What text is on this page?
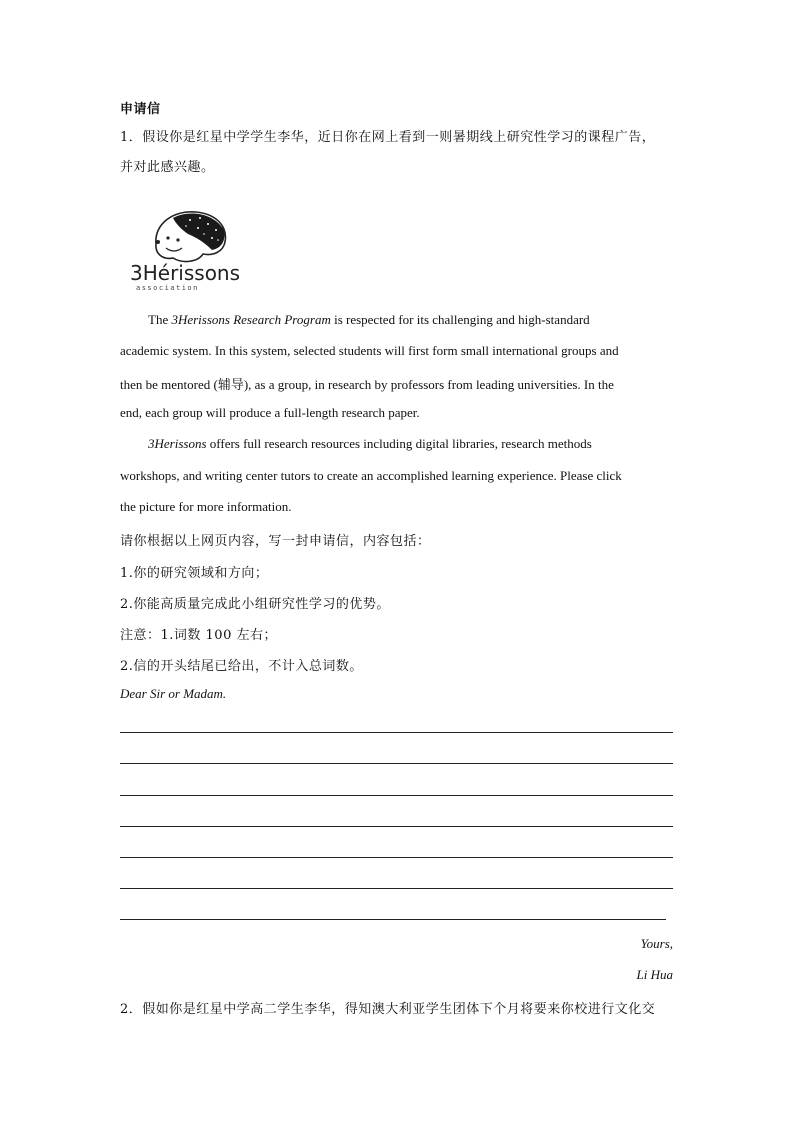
申请信
1．假设你是红星中学学生李华，近日你在网上看到一则暑期线上研究性学习的课程广告，
并对此感兴趣。
3Hérissons
association
The 3Herissons Research Program is respected for its challenging and high-standard
academic system. In this system, selected students will first form small international groups and
then be mentored (辅导), as a group, in research by professors from leading universities. In the
end, each group will produce a full-length research paper.
3Herissons offers full research resources including digital libraries, research methods
workshops, and writing center tutors to create an accomplished learning experience. Please click
the picture for more information.
请你根据以上网页内容，写一封申请信，内容包括：
1.你的研究领域和方向；
2.你能高质量完成此小组研究性学习的优势。
注意：1.词数 100 左右；
2.信的开头结尾已给出，不计入总词数。
Dear Sir or Madam.
Yours,
Li Hua
2．假如你是红星中学高二学生李华，得知澳大利亚学生团体下个月将要来你校进行文化交
